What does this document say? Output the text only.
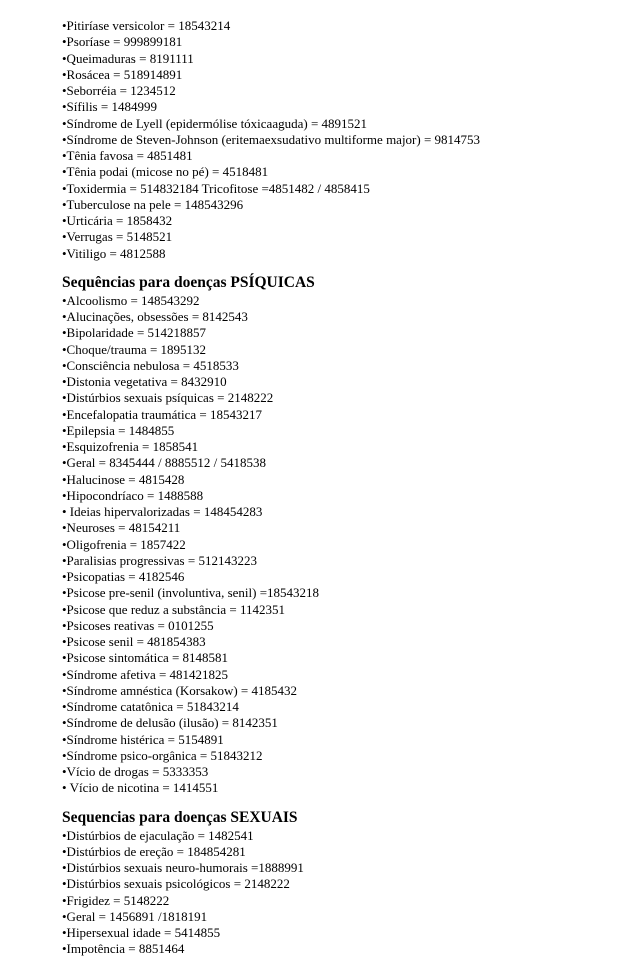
•Pitiríase versicolor = 18543214
•Psoríase = 999899181
•Queimaduras = 8191111
•Rosácea = 518914891
•Seborréia = 1234512
•Sífilis = 1484999
•Síndrome de Lyell (epidermólise tóxicaaguda) = 4891521
•Síndrome de Steven-Johnson (eritemaexsudativo multiforme major) = 9814753
•Tênia favosa = 4851481
•Tênia podai (micose no pé) = 4518481
•Toxidermia = 514832184 Tricofitose =4851482 / 4858415
•Tuberculose na pele = 148543296
•Urticária = 1858432
•Verrugas = 5148521
•Vitiligo = 4812588
Sequências para doenças PSÍQUICAS
•Alcoolismo = 148543292
•Alucinações, obsessões = 8142543
•Bipolaridade = 514218857
•Choque/trauma = 1895132
•Consciência nebulosa = 4518533
•Distonia vegetativa = 8432910
•Distúrbios sexuais psíquicas = 2148222
•Encefalopatia traumática = 18543217
•Epilepsia = 1484855
•Esquizofrenia = 1858541
•Geral = 8345444 / 8885512 / 5418538
•Halucinose = 4815428
•Hipocondríaco = 1488588
• Ideias hipervalorizadas = 148454283
•Neuroses = 48154211
•Oligofrenia = 1857422
•Paralisias progressivas = 512143223
•Psicopatias = 4182546
•Psicose pre-senil (involuntiva, senil) =18543218
•Psicose que reduz a substância = 1142351
•Psicoses reativas = 0101255
•Psicose senil = 481854383
•Psicose sintomática = 8148581
•Síndrome afetiva = 481421825
•Síndrome amnéstica (Korsakow) = 4185432
•Síndrome catatônica = 51843214
•Síndrome de delusão (ilusão) = 8142351
•Síndrome histérica = 5154891
•Síndrome psico-orgânica = 51843212
•Vício de drogas = 5333353
• Vício de nicotina = 1414551
Sequencias para doenças SEXUAIS
•Distúrbios de ejaculação = 1482541
•Distúrbios de ereção = 184854281
•Distúrbios sexuais neuro-humorais =1888991
•Distúrbios sexuais psicológicos = 2148222
•Frigidez = 5148222
•Geral = 1456891 /1818191
•Hipersexual idade = 5414855
•Impotência = 8851464
